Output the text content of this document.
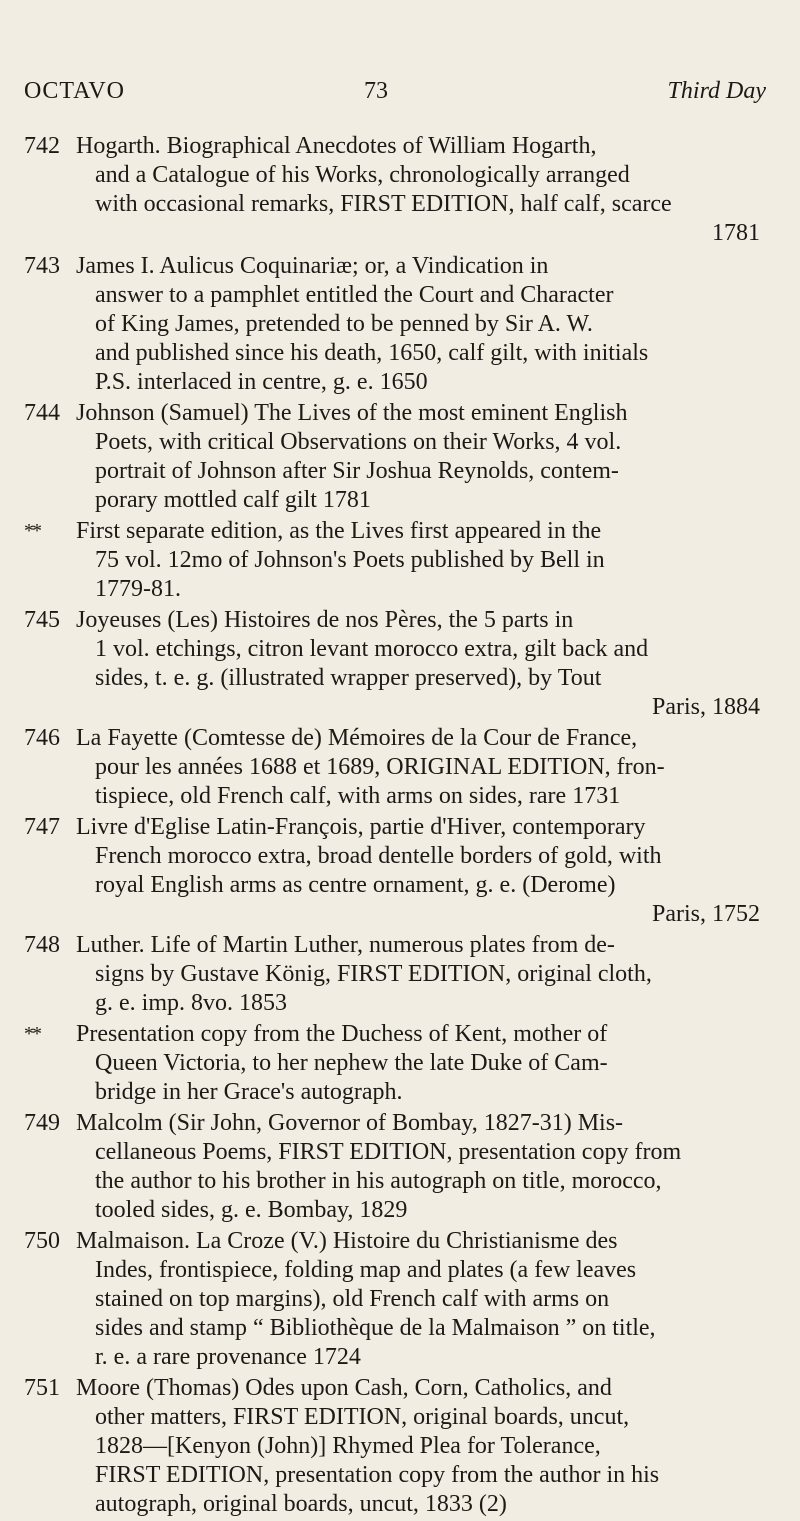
OCTAVO	73	Third Day
742 Hogarth. Biographical Anecdotes of William Hogarth,
and a Catalogue of his Works, chronologically arranged
with occasional remarks, FIRST EDITION, half calf, scarce
1781
743 James I. Aulicus Coquinariæ; or, a Vindication in
answer to a pamphlet entitled the Court and Character
of King James, pretended to be penned by Sir A. W.
and published since his death, 1650, calf gilt, with initials
P.S. interlaced in centre, g. e. 1650
744 Johnson (Samuel) The Lives of the most eminent English
Poets, with critical Observations on their Works, 4 vol.
portrait of Johnson after Sir Joshua Reynolds, contem-
porary mottled calf gilt 1781
**	First separate edition, as the Lives first appeared in the
75 vol. 12mo of Johnson's Poets published by Bell in
1779-81.
745 Joyeuses (Les) Histoires de nos Pères, the 5 parts in
1 vol. etchings, citron levant morocco extra, gilt back and
sides, t. e. g. (illustrated wrapper preserved), by Tout
Paris, 1884
746 La Fayette (Comtesse de) Mémoires de la Cour de France,
pour les années 1688 et 1689, ORIGINAL EDITION, fron-
tispiece, old French calf, with arms on sides, rare 1731
747 Livre d'Eglise Latin-François, partie d'Hiver, contemporary
French morocco extra, broad dentelle borders of gold, with
royal English arms as centre ornament, g. e. (Derome)
Paris, 1752
748 Luther. Life of Martin Luther, numerous plates from de-
signs by Gustave König, FIRST EDITION, original cloth,
g. e. imp. 8vo. 1853
**	Presentation copy from the Duchess of Kent, mother of
Queen Victoria, to her nephew the late Duke of Cam-
bridge in her Grace's autograph.
749 Malcolm (Sir John, Governor of Bombay, 1827-31) Mis-
cellaneous Poems, FIRST EDITION, presentation copy from
the author to his brother in his autograph on title, morocco,
tooled sides, g. e. Bombay, 1829
750 Malmaison. La Croze (V.) Histoire du Christianisme des
Indes, frontispiece, folding map and plates (a few leaves
stained on top margins), old French calf with arms on
sides and stamp “ Bibliothèque de la Malmaison ” on title,
r. e. a rare provenance 1724
751 Moore (Thomas) Odes upon Cash, Corn, Catholics, and
other matters, FIRST EDITION, original boards, uncut,
1828—[Kenyon (John)] Rhymed Plea for Tolerance,
FIRST EDITION, presentation copy from the author in his
autograph, original boards, uncut, 1833 (2)
